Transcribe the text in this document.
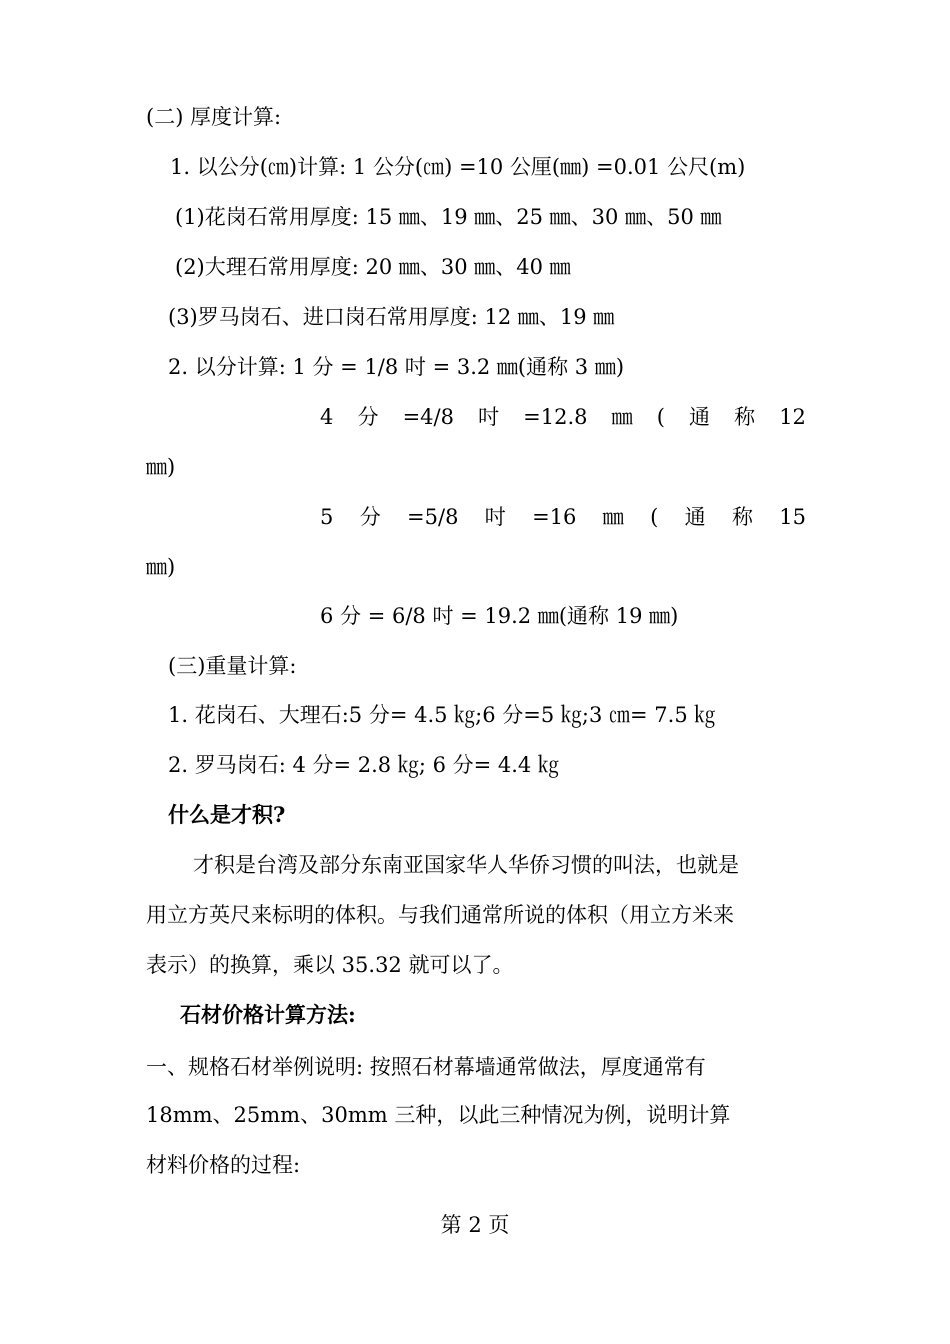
(二) 厚度计算:
1. 以公分(㎝)计算: 1 公分(㎝) =10 公厘(㎜) =0.01 公尺(m)
(1)花岗石常用厚度: 15 ㎜、19 ㎜、25 ㎜、30 ㎜、50 ㎜
(2)大理石常用厚度: 20 ㎜、30 ㎜、40 ㎜
(3)罗马岗石、进口岗石常用厚度: 12 ㎜、19 ㎜
2. 以分计算: 1 分 = 1/8 吋 = 3.2 ㎜(通称 3 ㎜)
4 分 =4/8 吋 =12.8 ㎜ ( 通 称 12
㎜)
5 分 =5/8 吋 =16 ㎜ ( 通 称 15
㎜)
6 分 = 6/8 吋 = 19.2 ㎜(通称 19 ㎜)
(三)重量计算:
1. 花岗石、大理石:5 分= 4.5 ㎏;6 分=5 ㎏;3 ㎝= 7.5 ㎏
2. 罗马岗石: 4 分= 2.8 ㎏; 6 分= 4.4 ㎏
什么是才积?
才积是台湾及部分东南亚国家华人华侨习惯的叫法，也就是
用立方英尺来标明的体积。与我们通常所说的体积（用立方米来
表示）的换算，乘以 35.32 就可以了。
石材价格计算方法:
一、规格石材举例说明: 按照石材幕墙通常做法，厚度通常有
18mm、25mm、30mm 三种，以此三种情况为例，说明计算
材料价格的过程:
第 2 页
